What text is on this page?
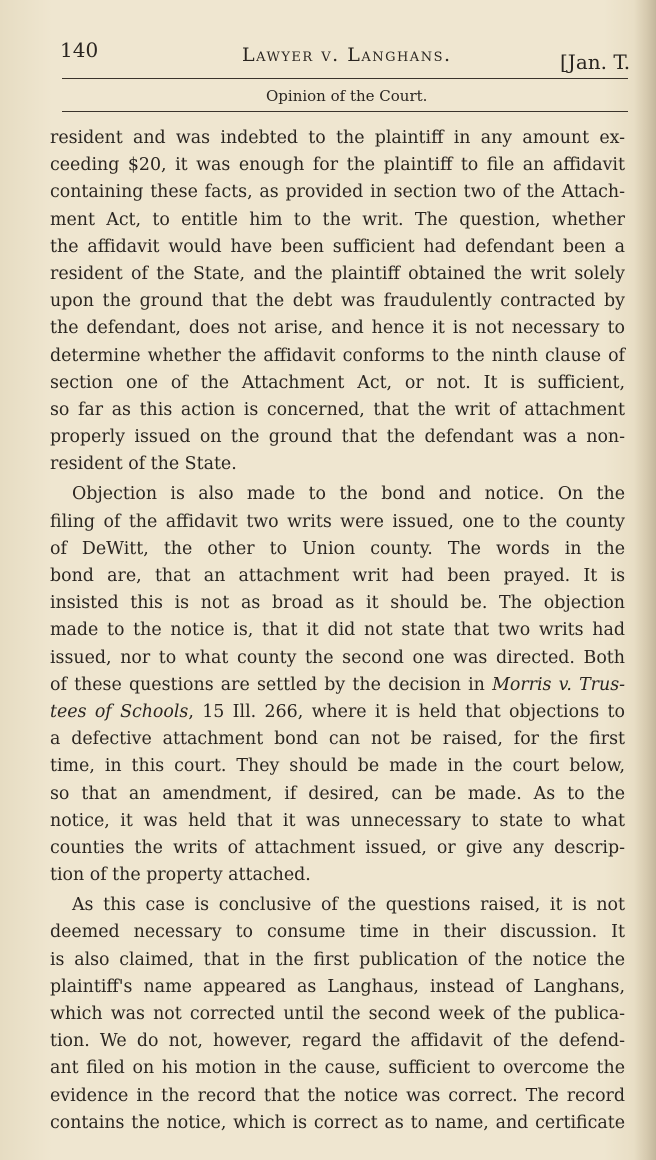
140	Lawyer v. Langhans.	[Jan. T.
Opinion of the Court.
resident and was indebted to the plaintiff in any amount ex-
ceeding $20, it was enough for the plaintiff to file an affidavit
containing these facts, as provided in section two of the Attach-
ment Act, to entitle him to the writ. The question, whether
the affidavit would have been sufficient had defendant been a
resident of the State, and the plaintiff obtained the writ solely
upon the ground that the debt was fraudulently contracted by
the defendant, does not arise, and hence it is not necessary to
determine whether the affidavit conforms to the ninth clause of
section one of the Attachment Act, or not. It is sufficient,
so far as this action is concerned, that the writ of attachment
properly issued on the ground that the defendant was a non-
resident of the State.
Objection is also made to the bond and notice. On the
filing of the affidavit two writs were issued, one to the county
of DeWitt, the other to Union county. The words in the
bond are, that an attachment writ had been prayed. It is
insisted this is not as broad as it should be. The objection
made to the notice is, that it did not state that two writs had
issued, nor to what county the second one was directed. Both
of these questions are settled by the decision in Morris v. Trus-
tees of Schools, 15 Ill. 266, where it is held that objections to
a defective attachment bond can not be raised, for the first
time, in this court. They should be made in the court below,
so that an amendment, if desired, can be made. As to the
notice, it was held that it was unnecessary to state to what
counties the writs of attachment issued, or give any descrip-
tion of the property attached.
As this case is conclusive of the questions raised, it is not
deemed necessary to consume time in their discussion. It
is also claimed, that in the first publication of the notice the
plaintiff's name appeared as Langhaus, instead of Langhans,
which was not corrected until the second week of the publica-
tion. We do not, however, regard the affidavit of the defend-
ant filed on his motion in the cause, sufficient to overcome the
evidence in the record that the notice was correct. The record
contains the notice, which is correct as to name, and certificate
